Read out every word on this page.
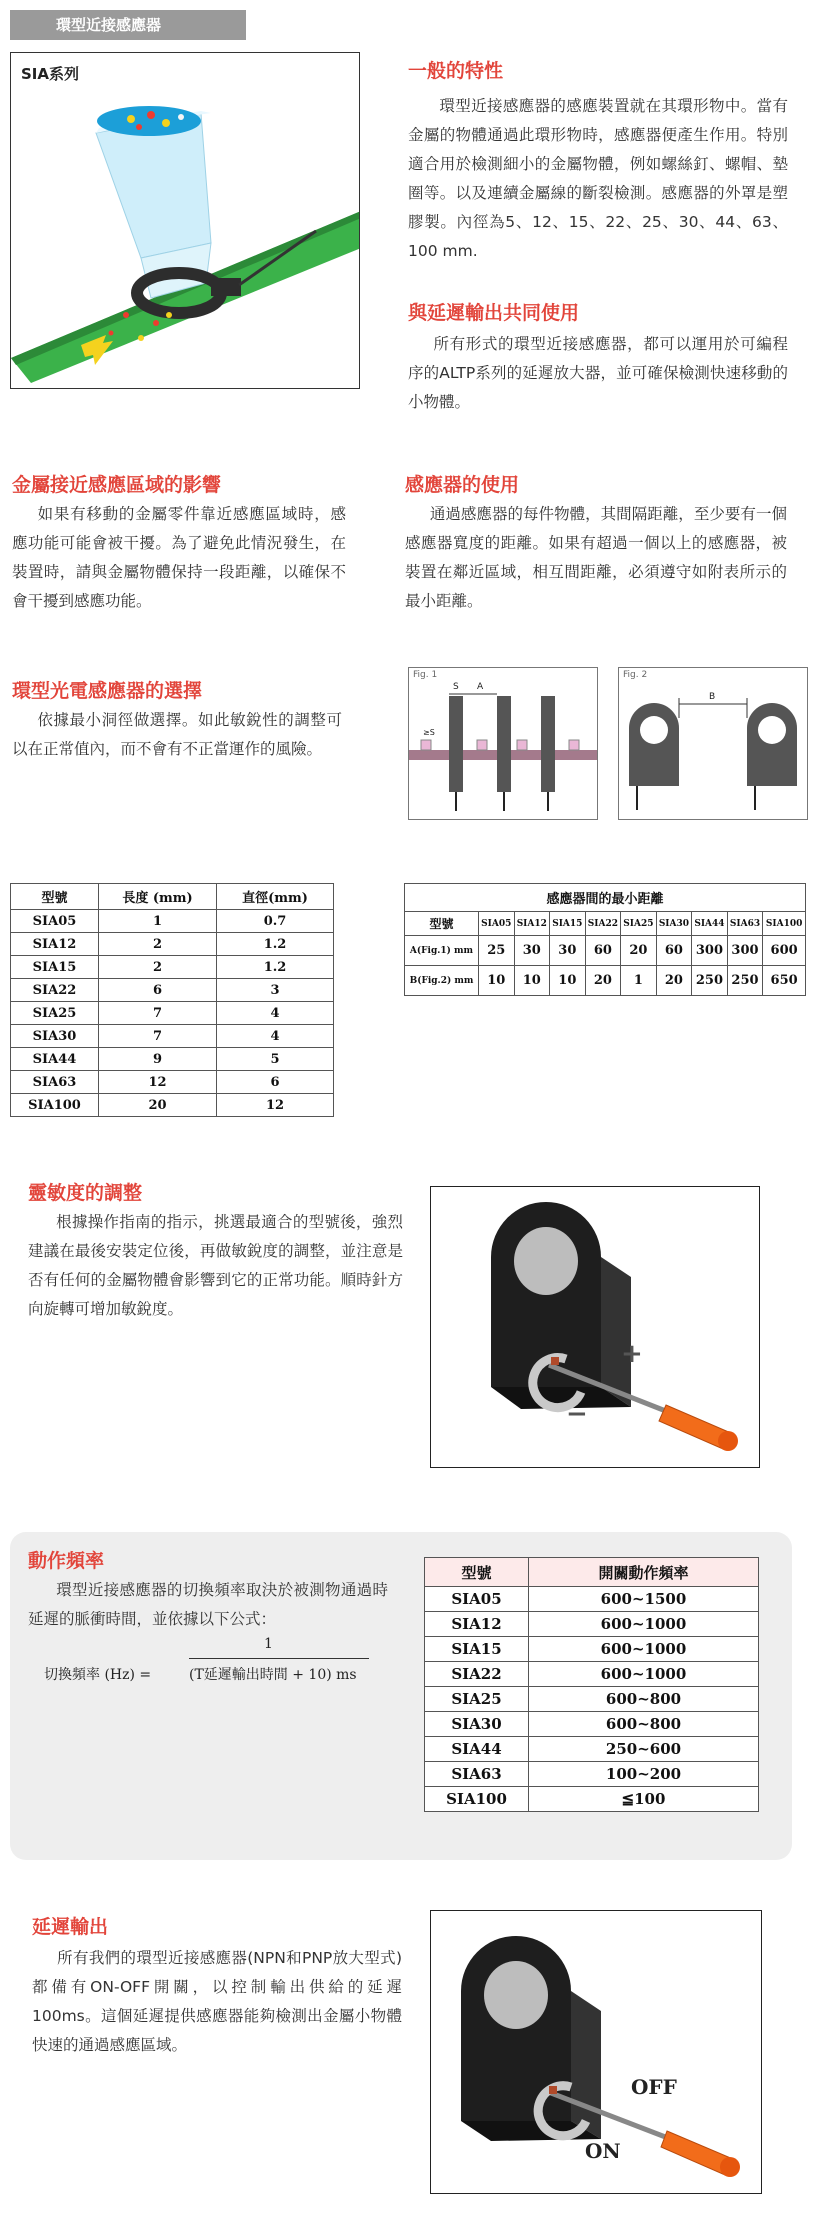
環型近接感應器
SIA系列	一般的特性
環型近接感應器的感應裝置就在其環形物中。當有金屬的物體通過此環形物時，感應器便產生作用。特別適合用於檢測細小的金屬物體，例如螺絲釘、螺帽、墊圈等。以及連續金屬線的斷裂檢測。感應器的外罩是塑膠製。內徑為5、12、15、22、25、30、44、63、100 mm.
與延遲輸出共同使用
所有形式的環型近接感應器，都可以運用於可編程序的ALTP系列的延遲放大器，並可確保檢測快速移動的小物體。
金屬接近感應區域的影響
如果有移動的金屬零件靠近感應區域時，感應功能可能會被干擾。為了避免此情況發生，在裝置時，請與金屬物體保持一段距離，以確保不會干擾到感應功能。
感應器的使用
通過感應器的每件物體，其間隔距離，至少要有一個感應器寬度的距離。如果有超過一個以上的感應器，被裝置在鄰近區域，相互間距離，必須遵守如附表所示的最小距離。
環型光電感應器的選擇
依據最小洞徑做選擇。如此敏銳性的調整可以在正常值內，而不會有不正當運作的風險。
Fig. 1
S A
≥S
Fig. 2
B
型號	長度 (mm)	直徑(mm)
SIA05	1	0.7
SIA12	2	1.2
SIA15	2	1.2
SIA22	6	3
SIA25	7	4
SIA30	7	4
SIA44	9	5
SIA63	12	6
SIA100	20	12
感應器間的最小距離									
型號	SIA05	SIA12	SIA15	SIA22	SIA25	SIA30	SIA44	SIA63	SIA100
A(Fig.1) mm	25	30	30	60	20	60	300	300	600
B(Fig.2) mm	10	10	10	20	1	20	250	250	650
靈敏度的調整
根據操作指南的指示，挑選最適合的型號後，強烈建議在最後安裝定位後，再做敏銳度的調整，並注意是否有任何的金屬物體會影響到它的正常功能。順時針方向旋轉可增加敏銳度。
+
−
動作頻率
環型近接感應器的切換頻率取決於被測物通過時延遲的脈衝時間，並依據以下公式：
1
切換頻率 (Hz) =	(T延遲輸出時間 + 10) ms
型號	開關動作頻率
SIA05	600~1500
SIA12	600~1000
SIA15	600~1000
SIA22	600~1000
SIA25	600~800
SIA30	600~800
SIA44	250~600
SIA63	100~200
SIA100	≦100
延遲輸出
所有我們的環型近接感應器(NPN和PNP放大型式)都備有ON-OFF開關，以控制輸出供給的延遲100ms。這個延遲提供感應器能夠檢測出金屬小物體快速的通過感應區域。
OFF
ON
